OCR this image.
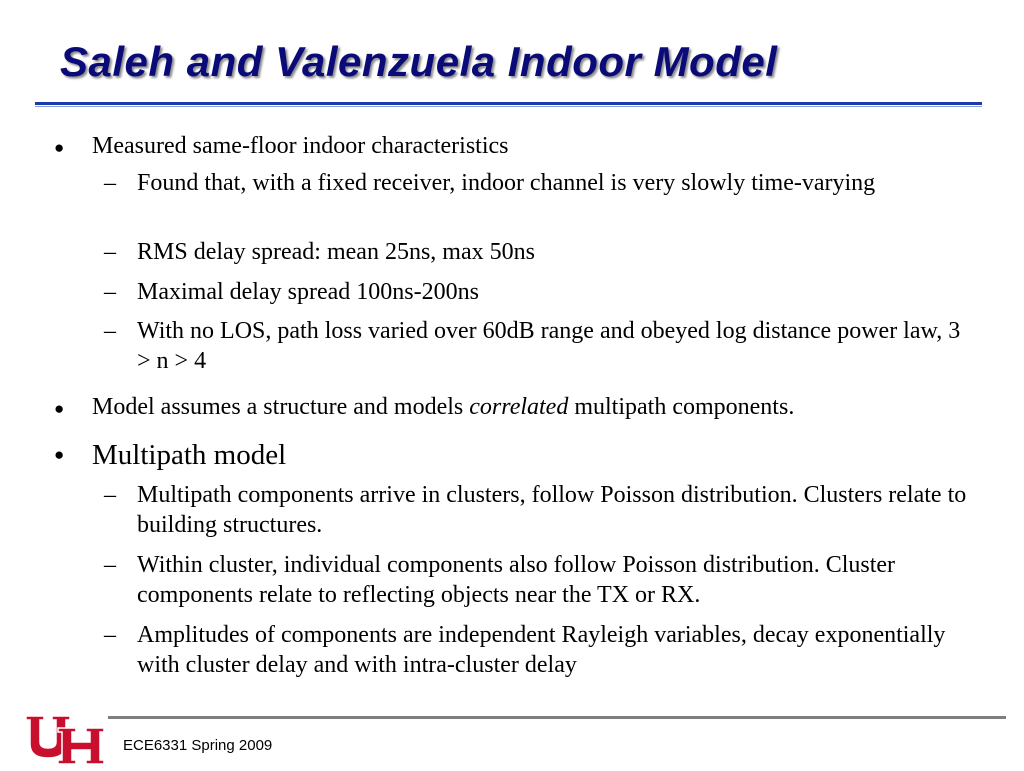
Saleh and Valenzuela Indoor Model
● Measured same-floor indoor characteristics
– Found that, with a fixed receiver, indoor channel is very slowly time-varying
– RMS delay spread: mean 25ns, max 50ns
– Maximal delay spread 100ns-200ns
– With no LOS, path loss varied over 60dB range and obeyed log distance power law, 3 > n > 4
● Model assumes a structure and models correlated multipath components.
● Multipath model
– Multipath components arrive in clusters, follow Poisson distribution. Clusters relate to building structures.
– Within cluster, individual components also follow Poisson distribution. Cluster components relate to reflecting objects near the TX or RX.
– Amplitudes of components are independent Rayleigh variables, decay exponentially with cluster delay and with intra-cluster delay
ECE6331 Spring 2009
